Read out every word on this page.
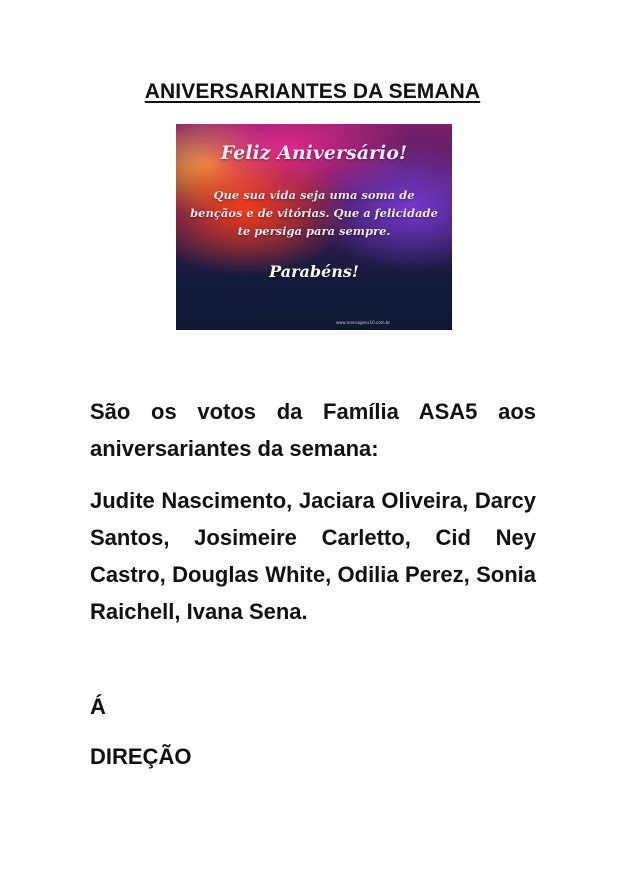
ANIVERSARIANTES DA SEMANA
Feliz Aniversário!
Que sua vida seja uma soma de bençãos e de vitórias. Que a felicidade te persiga para sempre.
Parabéns!
www.mensagens10.com.br
São os votos da Família ASA5 aos aniversariantes da semana:
Judite Nascimento, Jaciara Oliveira, Darcy Santos, Josimeire Carletto, Cid Ney Castro, Douglas White, Odilia Perez, Sonia Raichell, Ivana Sena.
Á
DIREÇÃO
